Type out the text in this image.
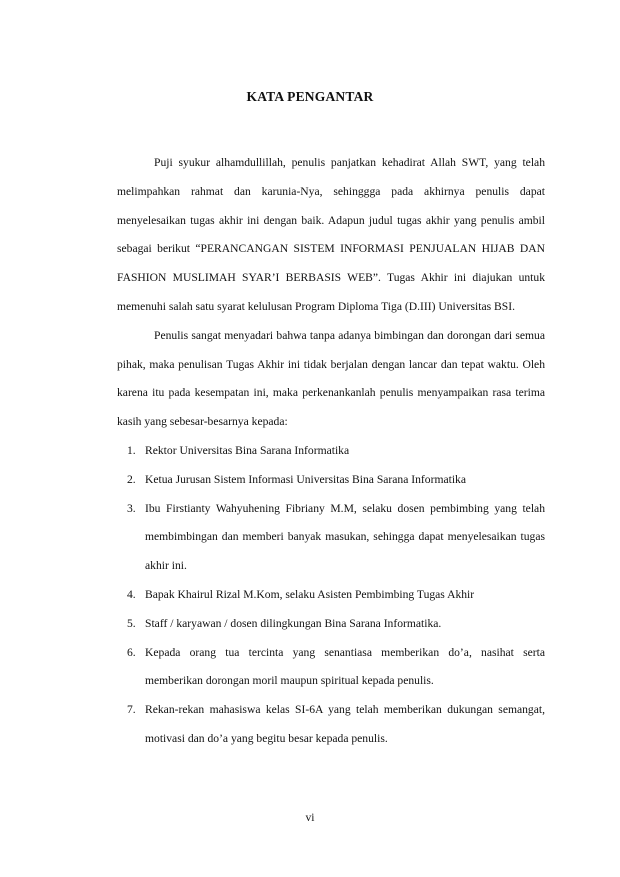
KATA PENGANTAR

Puji syukur alhamdullillah, penulis panjatkan kehadirat Allah SWT, yang telah melimpahkan rahmat dan karunia-Nya, sehinggga pada akhirnya penulis dapat menyelesaikan tugas akhir ini dengan baik. Adapun judul tugas akhir yang penulis ambil sebagai berikut “PERANCANGAN SISTEM INFORMASI PENJUALAN HIJAB DAN FASHION MUSLIMAH SYAR’I BERBASIS WEB”. Tugas Akhir ini diajukan untuk memenuhi salah satu syarat kelulusan Program Diploma Tiga (D.III) Universitas BSI.

Penulis sangat menyadari bahwa tanpa adanya bimbingan dan dorongan dari semua pihak, maka penulisan Tugas Akhir ini tidak berjalan dengan lancar dan tepat waktu. Oleh karena itu pada kesempatan ini, maka perkenankanlah penulis menyampaikan rasa terima kasih yang sebesar-besarnya kepada:

1. Rektor Universitas Bina Sarana Informatika
2. Ketua Jurusan Sistem Informasi Universitas Bina Sarana Informatika
3. Ibu Firstianty Wahyuhening Fibriany M.M, selaku dosen pembimbing yang telah membimbingan dan memberi banyak masukan, sehingga dapat menyelesaikan tugas akhir ini.
4. Bapak Khairul Rizal M.Kom, selaku Asisten Pembimbing Tugas Akhir
5. Staff / karyawan / dosen dilingkungan Bina Sarana Informatika.
6. Kepada orang tua tercinta yang senantiasa memberikan do’a, nasihat serta memberikan dorongan moril maupun spiritual kepada penulis.
7. Rekan-rekan mahasiswa kelas SI-6A yang telah memberikan dukungan semangat, motivasi dan do’a yang begitu besar kepada penulis.
vi
